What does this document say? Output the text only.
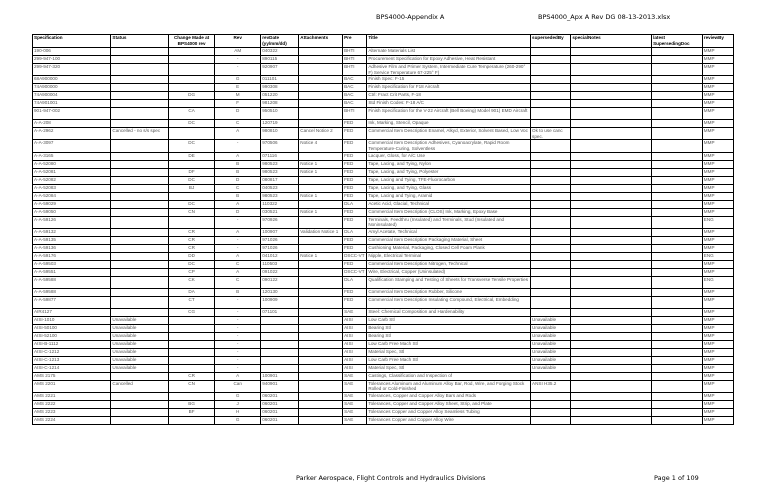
BPS4000-Appendix A	BPS4000_Apx A Rev DG 08-13-2013.xlsx
Specification	Status	Change Made at BPS4000 rev	Rev	revDate (yy/mm/dd)	Attachments	Pre	Title	supersededBy	specialNotes	latest SupersedingDoc	reviewBy
190-006			AM	040322		BHTI	Alternate Materials List				MMP
299-947-100			-	890115		BHTI	Procurement Specification for Epoxy Adhesive, Heat Resistant				MMP
299-947-320			-	920907		BHTI	Adhesive Film and Primer System, Intermediate Cure Temperature (260-290° F) Service Temperature 67-225° F)				MMP
68A900000			G	011101		BAC	Finish Spec: F-15				MMP
74A900000			E	990308		BAC	Finish Specification for F18 Aircraft				MMP
74A900004		DG	M	051220		BAC	Ctrl: Fract Crit Parts, F-18				MMP
74A901001			F	981208		BAC	Std Finish Codes: F-18 A/C				MMP
901-947-002		CA	D	950510		BHTI	Finish Specification for the V-22 Aircraft (Bell Boeing) Model 901) EMD Aircraft				MMP
A-A-208		DC	C	120719		FED	Ink, Marking, Stencil, Opaque				MMP
A-A-2962	Cancelled - no s/s spec		A	980810	Cancel Notice 2	FED	Commercial Item Description Enamel, Alkyd, Exterior, Solvent Based, Low Voc	Ok to use canc spec.			MMP
A-A-3097		DC	-	970506	Notice 4	FED	Commercial Item Description Adhesives, Cyanoacrylate, Rapid Room Temperature-Curing, Solventless				MMP
A-A-3165		DE	A	071116		FED	Lacquer, Gloss, for A/C Use				MMP
A-A-52080			B	980523	Notice 1	FED	Tape, Lacing, and Tying, Nylon				MMP
A-A-52081		DF	B	980523	Notice 1	FED	Tape, Lacing, and Tying, Polyester				MMP
A-A-52082		DC	D	080817		FED	Tape, Lacing and Tying, TFE-Fluorocarbon				MMP
A-A-52083		BJ	C	040523		FED	Tape, Lacing, and Tying, Glass				MMP
A-A-52084			B	980523	Notice 1	FED	Tape, Lacing and Tying, Aramid				MMP
A-A-59029		DC	A	110322		DLA	Acetic Acid, Glacial, Technical				MMP
A-A-59050		CN	D	030521	Notice 1	FED	Commercial Item Description (CLOS) Ink, Marking, Epoxy Base				MMP
A-A-59126			-	970926		FED	Terminals, Feedthru (Insulated) and Terminals, Stud (Insulated and Noninsulated)				ENG
A-A-59132		CR	A	100907	Validation Notice 1	DLA	Amyl Acetate, Technical				MMP
A-A-59135		CR	-	971026		FED	Commercial Item Description Packaging Material, Sheet				MMP
A-A-59136		CR	-	971026		FED	Cushioning Material, Packaging, Closed Cell Foam Plank				MMP
A-A-59176		DD	A	041012	Notice 1	DSCC-VT	Nipple, Electrical Terminal				ENG
A-A-59503		DC	C	110503		FED	Commercial Item Description Nitrogen, Technical				MMP
A-A-59551		CP	A	091022		DSCC-VT	Wire, Electrical, Copper (Uninsulated)				MMP
A-A-59588		CK	C	090122		DLA	Qualification Stamping and Testing of Sheets for Transverse Tensile Properties				ENG
A-A-59588		DA	B	120130		FED	Commercial Item Description Rubber, Silicone				MMP
A-A-59877		CT	-	100909		FED	Commercial Item Description Insulating Compound, Electrical, Embedding				MMP
AIR4127		CG	-	071101		SAE	Steel: Chemical Composition and Hardenability				MMP
AISI-1010	Unavailable		-			AISI	Low Carb Stl	Unavailable			MMP
AISI-50100	Unavailable		-			AISI	Bearing Stl	Unavailable			MMP
AISI-52100	Unavailable		-			AISI	Bearing Stl	Unavailable			MMP
AISI-B-1112	Unavailable		-			AISI	Low Carb Free Mach Stl	Unavailable			MMP
AISI-C-1212	Unavailable		-			AISI	Material Spec, Stl	Unavailable			MMP
AISI-C-1213	Unavailable		-			AISI	Low Carb Free Mach Stl	Unavailable			MMP
AISI-C-1214	Unavailable		-			AISI	Material Spec, Stl	Unavailable			MMP
AMS 2175		CR	A	100901		SAE	Castings, Classification and Inspection of				MMP
AMS 2201	Cancelled	CN	Can	940901		SAE	Tolerances Aluminum and Aluminum Alloy Bar, Rod, Wire, and Forging Stock Rolled or Cold-Finished	ANSI H35.2			MMP
AMS 2221			G	060201		SAE	Tolerances, Copper and Copper Alloy Bars and Rods				MMP
AMS 2222		BG	J	060201		SAE	Tolerances, Copper and Copper Alloy Sheet, Strip, and Plate				MMP
AMS 2223		BF	H	060201		SAE	Tolerances Copper and Copper Alloy Seamless Tubing				MMP
AMS 2224			G	060201		SAE	Tolerances Copper and Copper Alloy Wire				MMP
Parker Aerospace, Flight Controls and Hydraulics Divisions	Page 1 of 109
